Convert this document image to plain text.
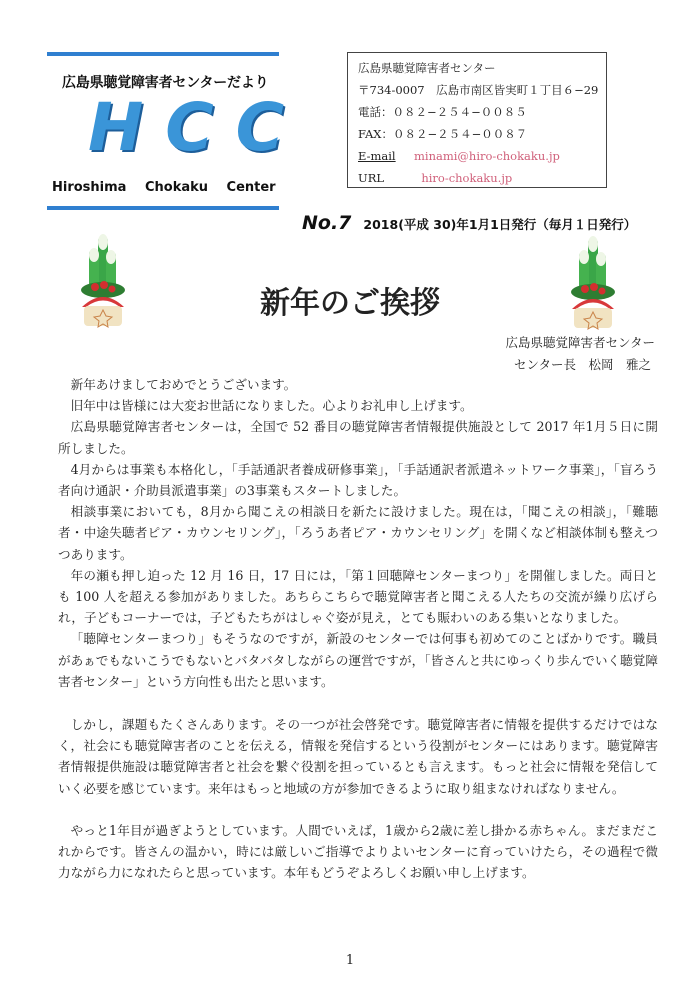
広島県聴覚障害者センターだより
HCC
Hiroshima Chokaku Center
広島県聴覚障害者センター
〒734-0007　広島市南区皆実町１丁目６−29
電話：０８２−２５４−００８５
FAX：０８２−２５４−００８７
E-mail minami@hiro-chokaku.jp
URL	hiro-chokaku.jp
No.7 2018(平成 30)年1月1日発行（毎月１日発行）
新年のご挨拶
広島県聴覚障害者センター
センター長　松岡　雅之

新年あけましておめでとうございます。

旧年中は皆様には大変お世話になりました。心よりお礼申し上げます。

広島県聴覚障害者センターは，全国で 52 番目の聴覚障害者情報提供施設として 2017 年1月５日に開所しました。

4月からは事業も本格化し，「手話通訳者養成研修事業」，「手話通訳者派遣ネットワーク事業」，「盲ろう者向け通訳・介助員派遣事業」の3事業もスタートしました。

相談事業においても，8月から聞こえの相談日を新たに設けました。現在は，「聞こえの相談」，「難聴者・中途失聴者ピア・カウンセリング」，「ろうあ者ピア・カウンセリング」を開くなど相談体制も整えつつあります。

年の瀬も押し迫った 12 月 16 日，17 日には，「第１回聴障センターまつり」を開催しました。両日とも 100 人を超える参加がありました。あちらこちらで聴覚障害者と聞こえる人たちの交流が繰り広げられ，子どもコーナーでは，子どもたちがはしゃぐ姿が見え，とても賑わいのある集いとなりました。

「聴障センターまつり」もそうなのですが，新設のセンターでは何事も初めてのことばかりです。職員があぁでもないこうでもないとバタバタしながらの運営ですが，「皆さんと共にゆっくり歩んでいく聴覚障害者センター」という方向性も出たと思います。

しかし，課題もたくさんあります。その一つが社会啓発です。聴覚障害者に情報を提供するだけではなく，社会にも聴覚障害者のことを伝える，情報を発信するという役割がセンターにはあります。聴覚障害者情報提供施設は聴覚障害者と社会を繋ぐ役割を担っているとも言えます。もっと社会に情報を発信していく必要を感じています。来年はもっと地域の方が参加できるように取り組まなければなりません。

やっと1年目が過ぎようとしています。人間でいえば，1歳から2歳に差し掛かる赤ちゃん。まだまだこれからです。皆さんの温かい，時には厳しいご指導でよりよいセンターに育っていけたら，その過程で微力ながら力になれたらと思っています。本年もどうぞよろしくお願い申し上げます。

1
